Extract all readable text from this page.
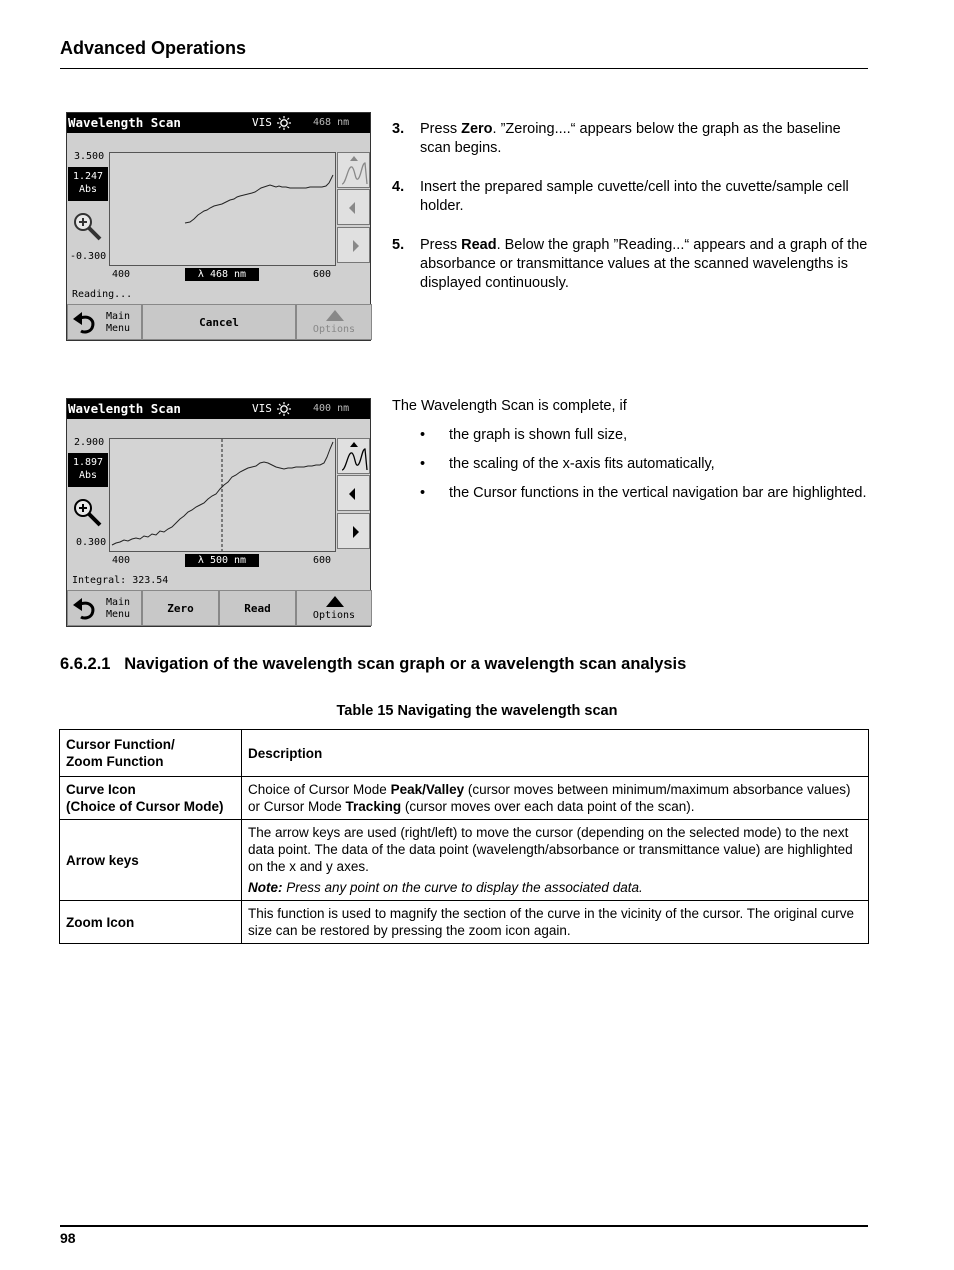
Advanced Operations
Wavelength Scan	VIS	468 nm
3.500
1.247
Abs
-0.300
400	λ 468 nm	600
Reading...
Main
Menu	Cancel
Options
Wavelength Scan	VIS	400 nm
2.900
1.897
Abs
0.300
400	λ 500 nm	600
Integral: 323.54
Main
Menu	Zero	Read
Options
3. Press Zero. ”Zeroing....“ appears below the graph as the baseline scan begins.
4. Insert the prepared sample cuvette/cell into the cuvette/sample cell holder.
5. Press Read. Below the graph ”Reading...“ appears and a graph of the absorbance or transmittance values at the scanned wavelengths is displayed continuously.

The Wavelength Scan is complete, if

• the graph is shown full size,
• the scaling of the x-axis fits automatically,
• the Cursor functions in the vertical navigation bar are highlighted.
6.6.2.1 Navigation of the wavelength scan graph or a wavelength scan analysis
Table 15 Navigating the wavelength scan
Cursor Function/
Zoom Function	Description
Curve Icon
(Choice of Cursor Mode)	Choice of Cursor Mode Peak/Valley (cursor moves between minimum/maximum absorbance values) or Cursor Mode Tracking (cursor moves over each data point of the scan).
Arrow keys	The arrow keys are used (right/left) to move the cursor (depending on the selected mode) to the next data point. The data of the data point (wavelength/absorbance or transmittance value) are highlighted on the x and y axes.
Note: Press any point on the curve to display the associated data.

Zoom Icon	This function is used to magnify the section of the curve in the vicinity of the cursor. The original curve size can be restored by pressing the zoom icon again.
98
